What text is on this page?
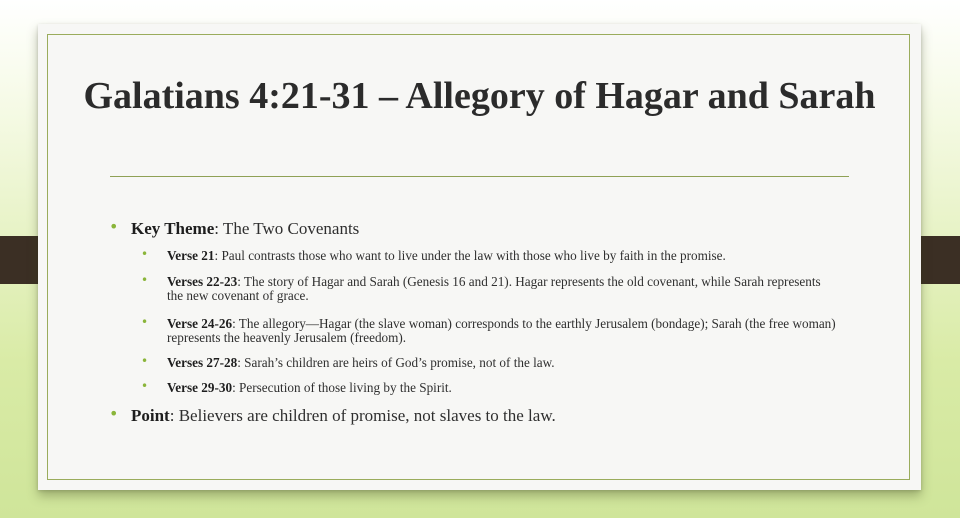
Galatians 4:21-31 – Allegory of Hagar and Sarah
• Key Theme: The Two Covenants
• Verse 21: Paul contrasts those who want to live under the law with those who live by faith in the promise.
• Verses 22-23: The story of Hagar and Sarah (Genesis 16 and 21). Hagar represents the old covenant, while Sarah represents the new covenant of grace.
• Verse 24-26: The allegory—Hagar (the slave woman) corresponds to the earthly Jerusalem (bondage); Sarah (the free woman) represents the heavenly Jerusalem (freedom).
• Verses 27-28: Sarah’s children are heirs of God’s promise, not of the law.
• Verse 29-30: Persecution of those living by the Spirit.
• Point: Believers are children of promise, not slaves to the law.
